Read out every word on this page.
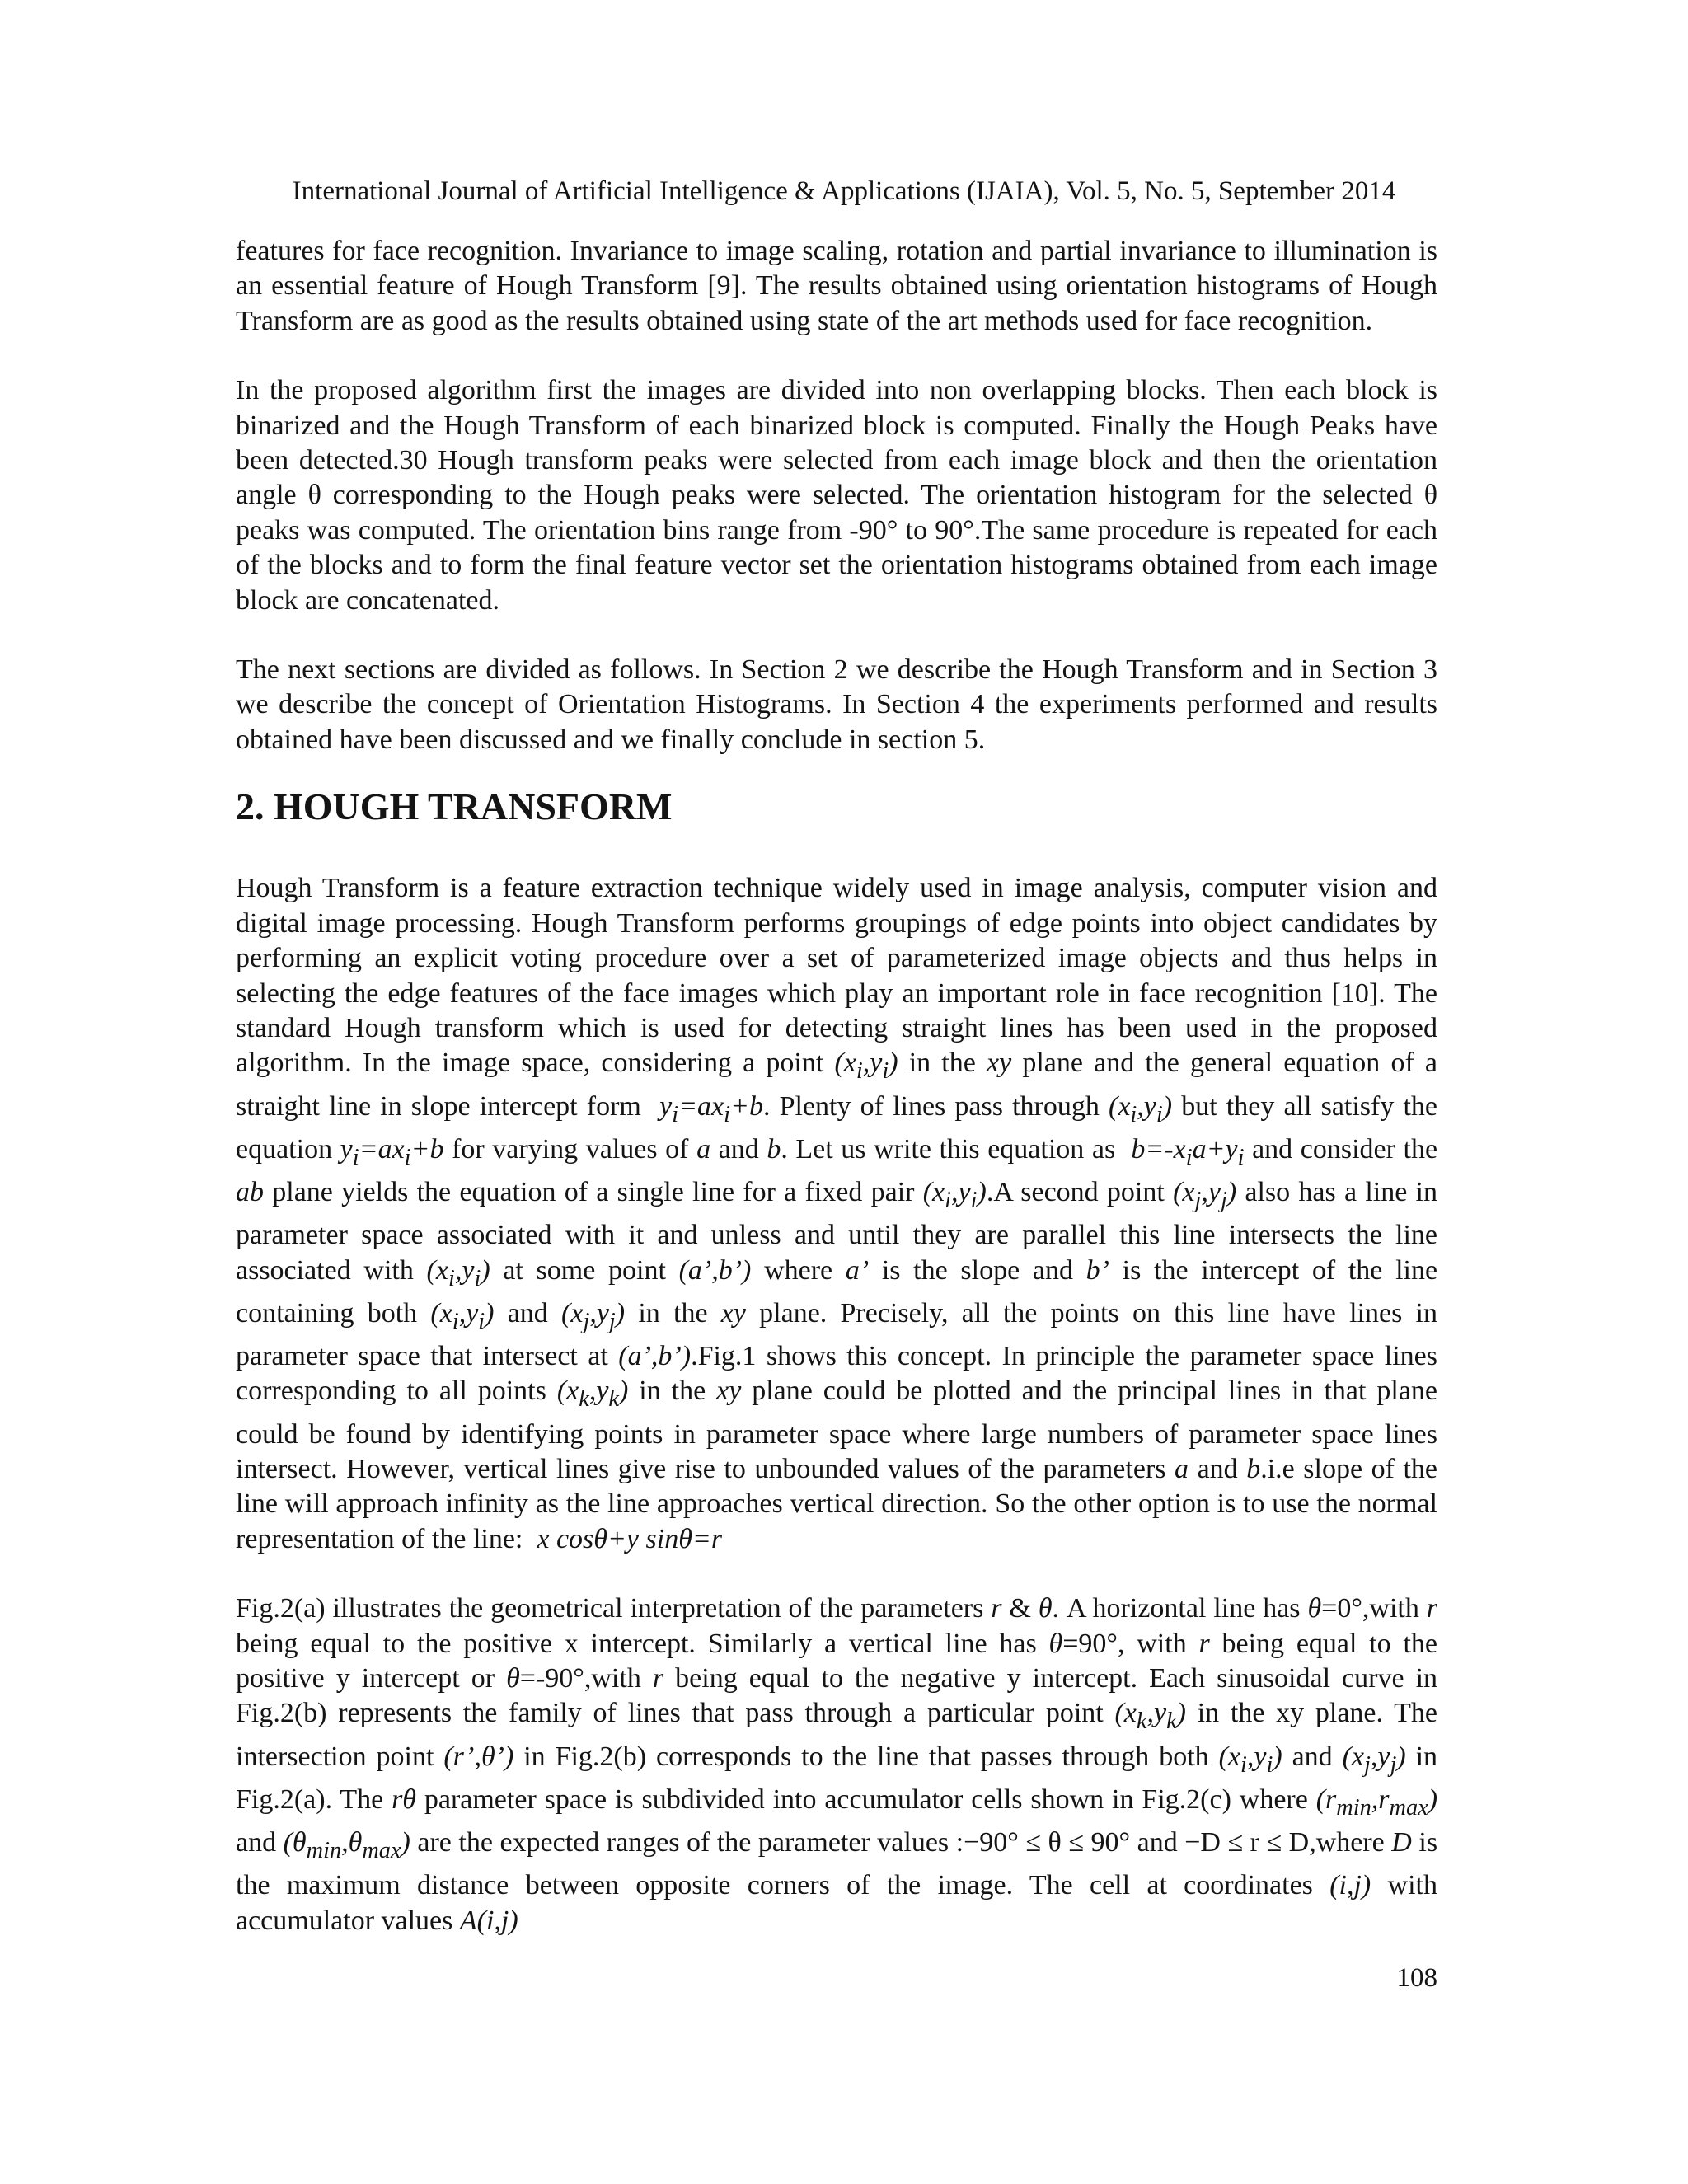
International Journal of Artificial Intelligence & Applications (IJAIA), Vol. 5, No. 5, September 2014

features for face recognition. Invariance to image scaling, rotation and partial invariance to illumination is an essential feature of Hough Transform [9]. The results obtained using orientation histograms of Hough Transform are as good as the results obtained using state of the art methods used for face recognition.

In the proposed algorithm first the images are divided into non overlapping blocks. Then each block is binarized and the Hough Transform of each binarized block is computed. Finally the Hough Peaks have been detected.30 Hough transform peaks were selected from each image block and then the orientation angle θ corresponding to the Hough peaks were selected. The orientation histogram for the selected θ peaks was computed. The orientation bins range from -90° to 90°.The same procedure is repeated for each of the blocks and to form the final feature vector set the orientation histograms obtained from each image block are concatenated.

The next sections are divided as follows. In Section 2 we describe the Hough Transform and in Section 3 we describe the concept of Orientation Histograms. In Section 4 the experiments performed and results obtained have been discussed and we finally conclude in section 5.

2. HOUGH TRANSFORM

Hough Transform is a feature extraction technique widely used in image analysis, computer vision and digital image processing. Hough Transform performs groupings of edge points into object candidates by performing an explicit voting procedure over a set of parameterized image objects and thus helps in selecting the edge features of the face images which play an important role in face recognition [10]. The standard Hough transform which is used for detecting straight lines has been used in the proposed algorithm. In the image space, considering a point $(x_i,y_i)$ in the xy plane and the general equation of a straight line in slope intercept form $y_i=ax_i+b$. Plenty of lines pass through $(x_i,y_i)$ but they all satisfy the equation $y_i=ax_i+b$ for varying values of a and b. Let us write this equation as $b=-x_ia+y_i$ and consider the ab plane yields the equation of a single line for a fixed pair $(x_i,y_i).A$ second point $(x_j,y_j)$ also has a line in parameter space associated with it and unless and until they are parallel this line intersects the line associated with $(x_i,y_i)$ at some point (a’,b’) where a’ is the slope and b’ is the intercept of the line containing both $(x_i,y_i)$ and $(x_j,y_j)$ in the xy plane. Precisely, all the points on this line have lines in parameter space that intersect at (a’,b’).Fig.1 shows this concept. In principle the parameter space lines corresponding to all points $(x_k,y_k)$ in the xy plane could be plotted and the principal lines in that plane could be found by identifying points in parameter space where large numbers of parameter space lines intersect. However, vertical lines give rise to unbounded values of the parameters a and b.i.e slope of the line will approach infinity as the line approaches vertical direction. So the other option is to use the normal representation of the line: x cosθ+y sinθ=r

Fig.2(a) illustrates the geometrical interpretation of the parameters r & θ. A horizontal line has θ=0°,with r being equal to the positive x intercept. Similarly a vertical line has θ=90°, with r being equal to the positive y intercept or θ=-90°,with r being equal to the negative y intercept. Each sinusoidal curve in Fig.2(b) represents the family of lines that pass through a particular point $(x_k,y_k)$ in the xy plane. The intersection point (r’,θ’) in Fig.2(b) corresponds to the line that passes through both $(x_i,y_i)$ and $(x_j,y_j)$ in Fig.2(a). The rθ parameter space is subdivided into accumulator cells shown in Fig.2(c) where $(r_{min},r_{max})$ and $(\theta_{min},\theta_{max})$ are the expected ranges of the parameter values :−90° ≤ θ ≤ 90° and −D ≤ r ≤ D,where D is the maximum distance between opposite corners of the image. The cell at coordinates (i,j) with accumulator values A(i,j)

108
